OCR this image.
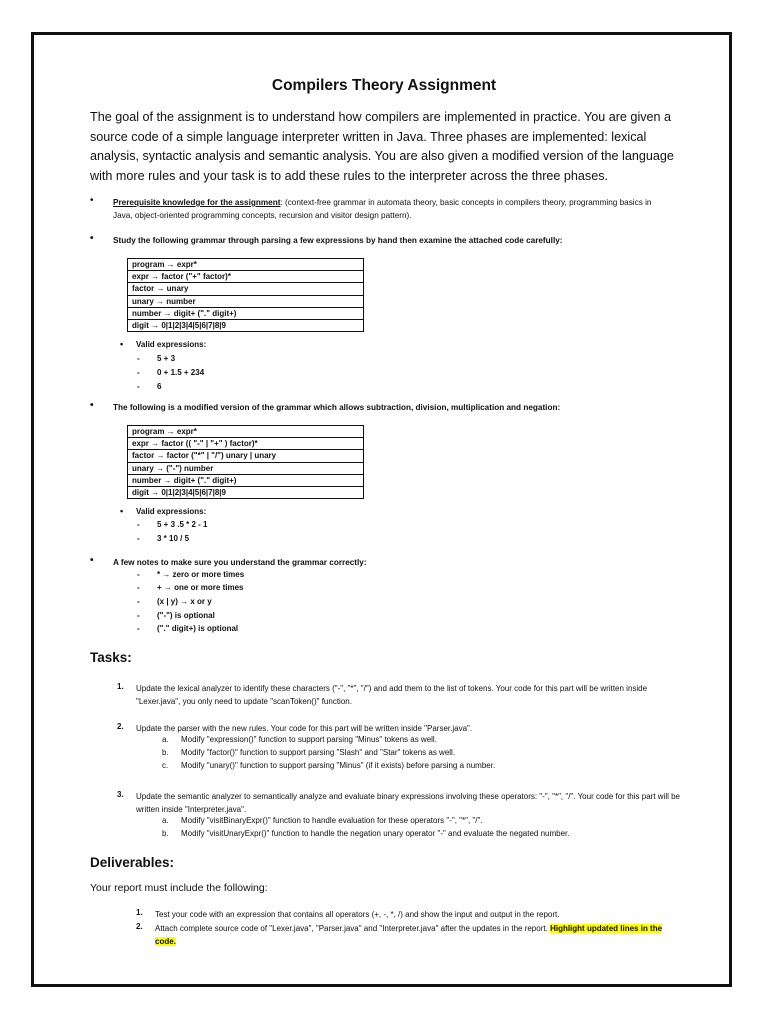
Compilers Theory Assignment
The goal of the assignment is to understand how compilers are implemented in practice. You are given a source code of a simple language interpreter written in Java. Three phases are implemented: lexical analysis, syntactic analysis and semantic analysis. You are also given a modified version of the language with more rules and your task is to add these rules to the interpreter across the three phases.
• Prerequisite knowledge for the assignment: (context-free grammar in automata theory, basic concepts in compilers theory, programming basics in Java, object-oriented programming concepts, recursion and visitor design pattern).
• Study the following grammar through parsing a few expressions by hand then examine the attached code carefully:
program → expr*
expr → factor ("+" factor)*
factor → unary
unary → number
number → digit+ ("." digit+)
digit → 0|1|2|3|4|5|6|7|8|9
• Valid expressions:
- 5 + 3
- 0 + 1.5 + 234
- 6
• The following is a modified version of the grammar which allows subtraction, division, multiplication and negation:
program → expr*
expr → factor (( "-" | "+" ) factor)*
factor → factor ("*" | "/") unary | unary
unary → ("-") number
number → digit+ ("." digit+)
digit → 0|1|2|3|4|5|6|7|8|9
• Valid expressions:
- 5 + 3 .5 * 2 - 1
- 3 * 10 / 5
• A few notes to make sure you understand the grammar correctly:
- * → zero or more times
- + → one or more times
- (x | y) → x or y
- ("-") is optional
- ("." digit+) is optional
Tasks:
1. Update the lexical analyzer to identify these characters ("-", "*", "/") and add them to the list of tokens. Your code for this part will be written inside "Lexer.java", you only need to update "scanToken()" function.
2. Update the parser with the new rules. Your code for this part will be written inside "Parser.java".
a. Modify "expression()" function to support parsing "Minus" tokens as well.
b. Modify "factor()" function to support parsing "Slash" and "Star" tokens as well.
c. Modify "unary()" function to support parsing "Minus" (if it exists) before parsing a number.
3. Update the semantic analyzer to semantically analyze and evaluate binary expressions involving these operators: "-", "*", "/". Your code for this part will be written inside "Interpreter.java".
a. Modify "visitBinaryExpr()" function to handle evaluation for these operators "-", "*", "/".
b. Modify "visitUnaryExpr()" function to handle the negation unary operator "-" and evaluate the negated number.
Deliverables:
Your report must include the following:
1. Test your code with an expression that contains all operators (+, -, *, /) and show the input and output in the report.
2. Attach complete source code of "Lexer.java", "Parser.java" and "Interpreter.java" after the updates in the report. Highlight updated lines in the code.
